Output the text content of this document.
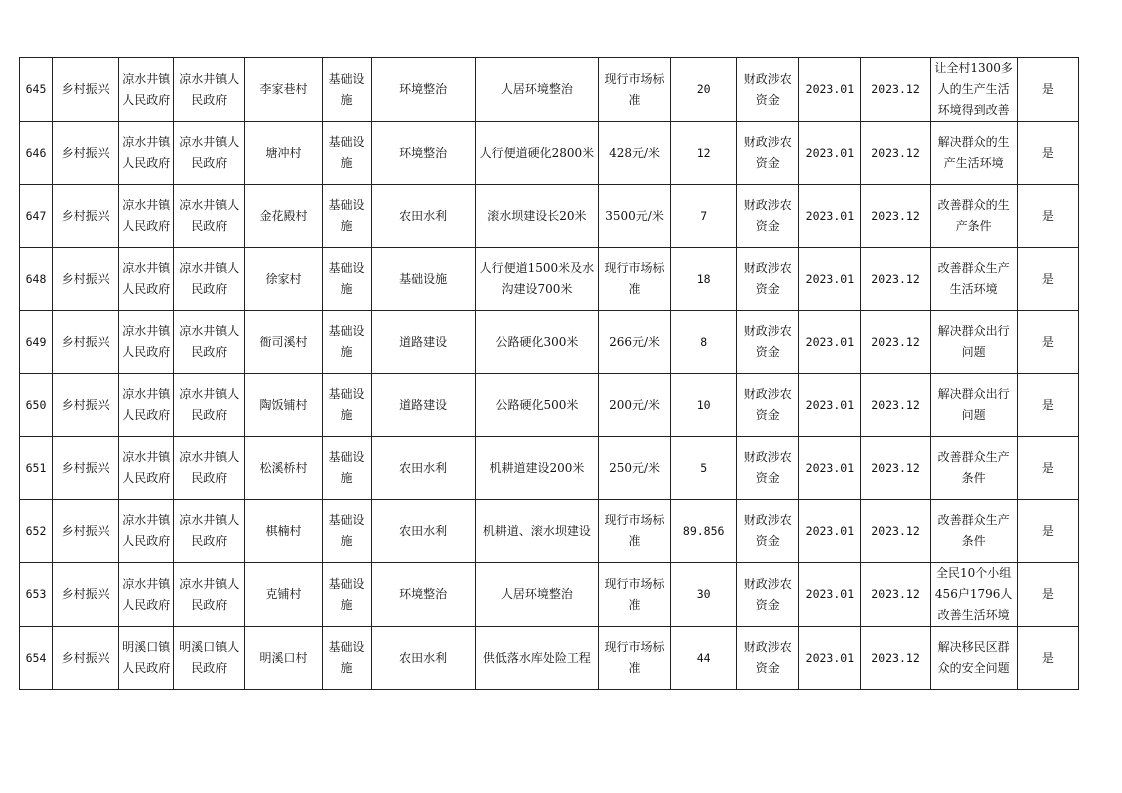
645	乡村振兴	凉水井镇人民政府	凉水井镇人民政府	李家巷村	基础设施	环境整治	人居环境整治	现行市场标准	20	财政涉农资金	2023.01	2023.12	让全村1300多人的生产生活环境得到改善	是
646	乡村振兴	凉水井镇人民政府	凉水井镇人民政府	塘冲村	基础设施	环境整治	人行便道硬化2800米	428元/米	12	财政涉农资金	2023.01	2023.12	解决群众的生产生活环境	是
647	乡村振兴	凉水井镇人民政府	凉水井镇人民政府	金花殿村	基础设施	农田水利	滚水坝建设长20米	3500元/米	7	财政涉农资金	2023.01	2023.12	改善群众的生产条件	是
648	乡村振兴	凉水井镇人民政府	凉水井镇人民政府	徐家村	基础设施	基础设施	人行便道1500米及水沟建设700米	现行市场标准	18	财政涉农资金	2023.01	2023.12	改善群众生产生活环境	是
649	乡村振兴	凉水井镇人民政府	凉水井镇人民政府	衙司溪村	基础设施	道路建设	公路硬化300米	266元/米	8	财政涉农资金	2023.01	2023.12	解决群众出行问题	是
650	乡村振兴	凉水井镇人民政府	凉水井镇人民政府	陶饭铺村	基础设施	道路建设	公路硬化500米	200元/米	10	财政涉农资金	2023.01	2023.12	解决群众出行问题	是
651	乡村振兴	凉水井镇人民政府	凉水井镇人民政府	松溪桥村	基础设施	农田水利	机耕道建设200米	250元/米	5	财政涉农资金	2023.01	2023.12	改善群众生产条件	是
652	乡村振兴	凉水井镇人民政府	凉水井镇人民政府	棋楠村	基础设施	农田水利	机耕道、滚水坝建设	现行市场标准	89.856	财政涉农资金	2023.01	2023.12	改善群众生产条件	是
653	乡村振兴	凉水井镇人民政府	凉水井镇人民政府	克铺村	基础设施	环境整治	人居环境整治	现行市场标准	30	财政涉农资金	2023.01	2023.12	全民10个小组456户1796人改善生活环境	是
654	乡村振兴	明溪口镇人民政府	明溪口镇人民政府	明溪口村	基础设施	农田水利	供低落水库处险工程	现行市场标准	44	财政涉农资金	2023.01	2023.12	解决移民区群众的安全问题	是
